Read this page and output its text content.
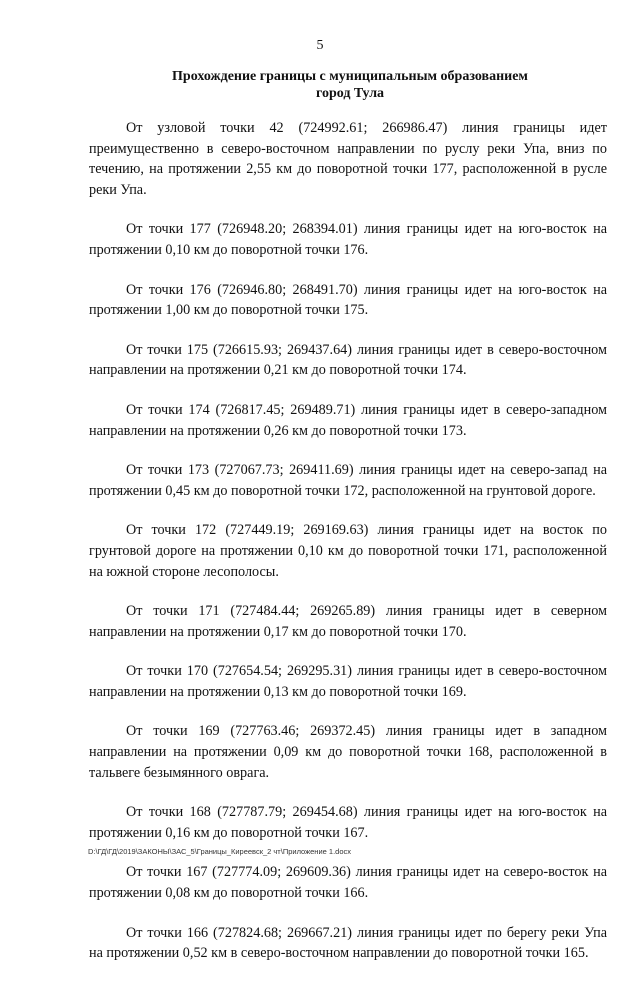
5
Прохождение границы с муниципальным образованием
город Тула

От узловой точки 42 (724992.61; 266986.47) линия границы идет преимущественно в северо-восточном направлении по руслу реки Упа, вниз по течению, на протяжении 2,55 км до поворотной точки 177, расположенной в русле реки Упа.

От точки 177 (726948.20; 268394.01) линия границы идет на юго-восток на протяжении 0,10 км до поворотной точки 176.

От точки 176 (726946.80; 268491.70) линия границы идет на юго-восток на протяжении 1,00 км до поворотной точки 175.

От точки 175 (726615.93; 269437.64) линия границы идет в северо-восточном направлении на протяжении 0,21 км до поворотной точки 174.

От точки 174 (726817.45; 269489.71) линия границы идет в северо-западном направлении на протяжении 0,26 км до поворотной точки 173.

От точки 173 (727067.73; 269411.69) линия границы идет на северо-запад на протяжении 0,45 км до поворотной точки 172, расположенной на грунтовой дороге.

От точки 172 (727449.19; 269169.63) линия границы идет на восток по грунтовой дороге на протяжении 0,10 км до поворотной точки 171, расположенной на южной стороне лесополосы.

От точки 171 (727484.44; 269265.89) линия границы идет в северном направлении на протяжении 0,17 км до поворотной точки 170.

От точки 170 (727654.54; 269295.31) линия границы идет в северо-восточном направлении на протяжении 0,13 км до поворотной точки 169.

От точки 169 (727763.46; 269372.45) линия границы идет в западном направлении на протяжении 0,09 км до поворотной точки 168, расположенной в тальвеге безымянного оврага.

От точки 168 (727787.79; 269454.68) линия границы идет на юго-восток на протяжении 0,16 км до поворотной точки 167.

От точки 167 (727774.09; 269609.36) линия границы идет на северо-восток на протяжении 0,08 км до поворотной точки 166.

От точки 166 (727824.68; 269667.21) линия границы идет по берегу реки Упа на протяжении 0,52 км в северо-восточном направлении до поворотной точки 165.

D:\ГД\ГД\2019\ЗАКОНЫ\ЗАС_5\Границы_Киреевск_2 чт\Приложение 1.docx
